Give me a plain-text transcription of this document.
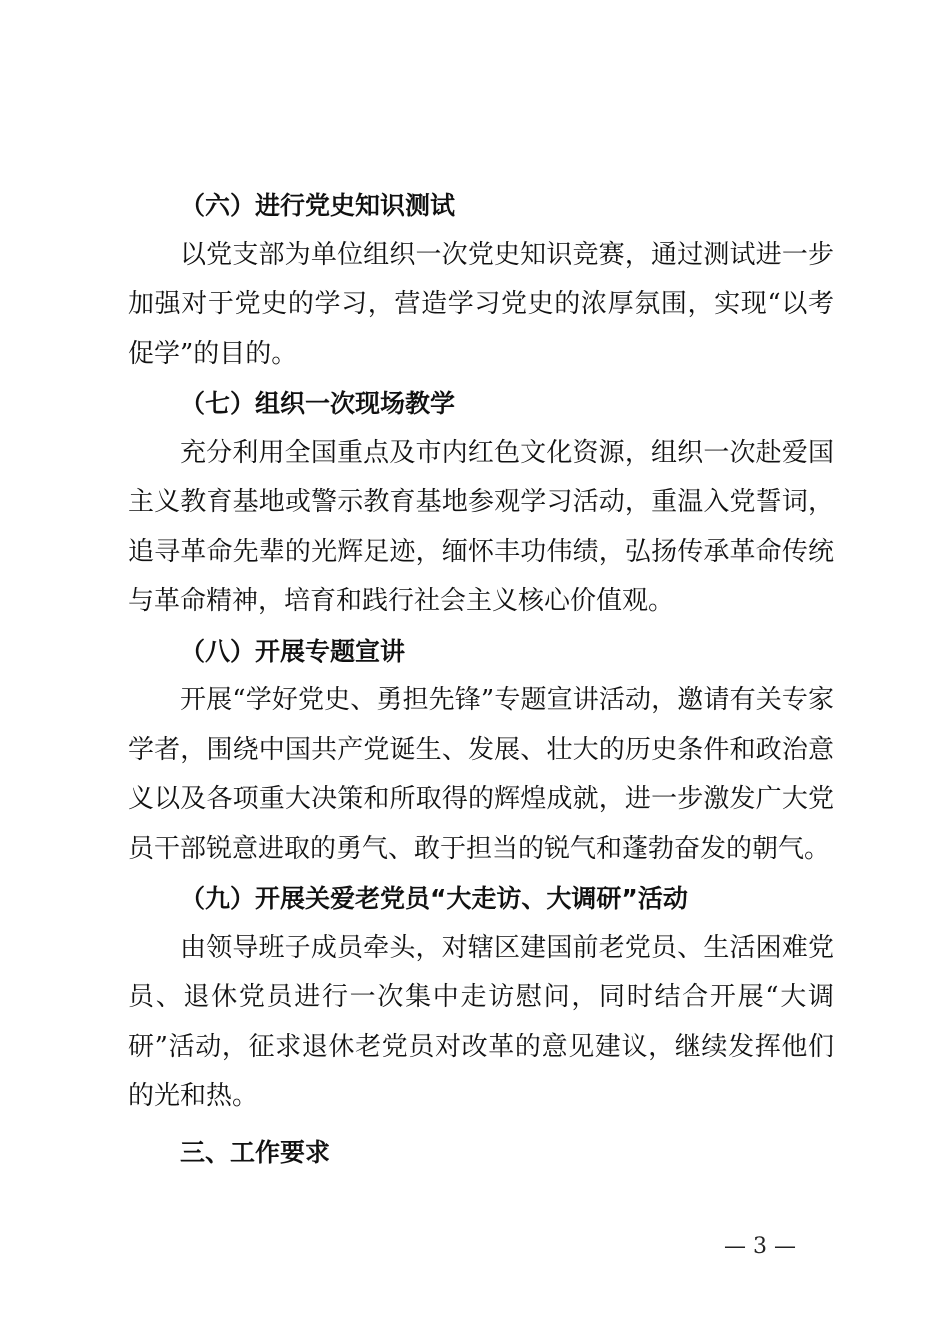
（六）进行党史知识测试

以党支部为单位组织一次党史知识竞赛，通过测试进一步加强对于党史的学习，营造学习党史的浓厚氛围，实现“以考促学”的目的。

（七）组织一次现场教学

充分利用全国重点及市内红色文化资源，组织一次赴爱国主义教育基地或警示教育基地参观学习活动，重温入党誓词，追寻革命先辈的光辉足迹，缅怀丰功伟绩，弘扬传承革命传统与革命精神，培育和践行社会主义核心价值观。

（八）开展专题宣讲

开展“学好党史、勇担先锋”专题宣讲活动，邀请有关专家学者，围绕中国共产党诞生、发展、壮大的历史条件和政治意义以及各项重大决策和所取得的辉煌成就，进一步激发广大党员干部锐意进取的勇气、敢于担当的锐气和蓬勃奋发的朝气。

（九）开展关爱老党员“大走访、大调研”活动

由领导班子成员牵头，对辖区建国前老党员、生活困难党员、退休党员进行一次集中走访慰问，同时结合开展“大调研”活动，征求退休老党员对改革的意见建议，继续发挥他们的光和热。

三、工作要求
— 3 —
